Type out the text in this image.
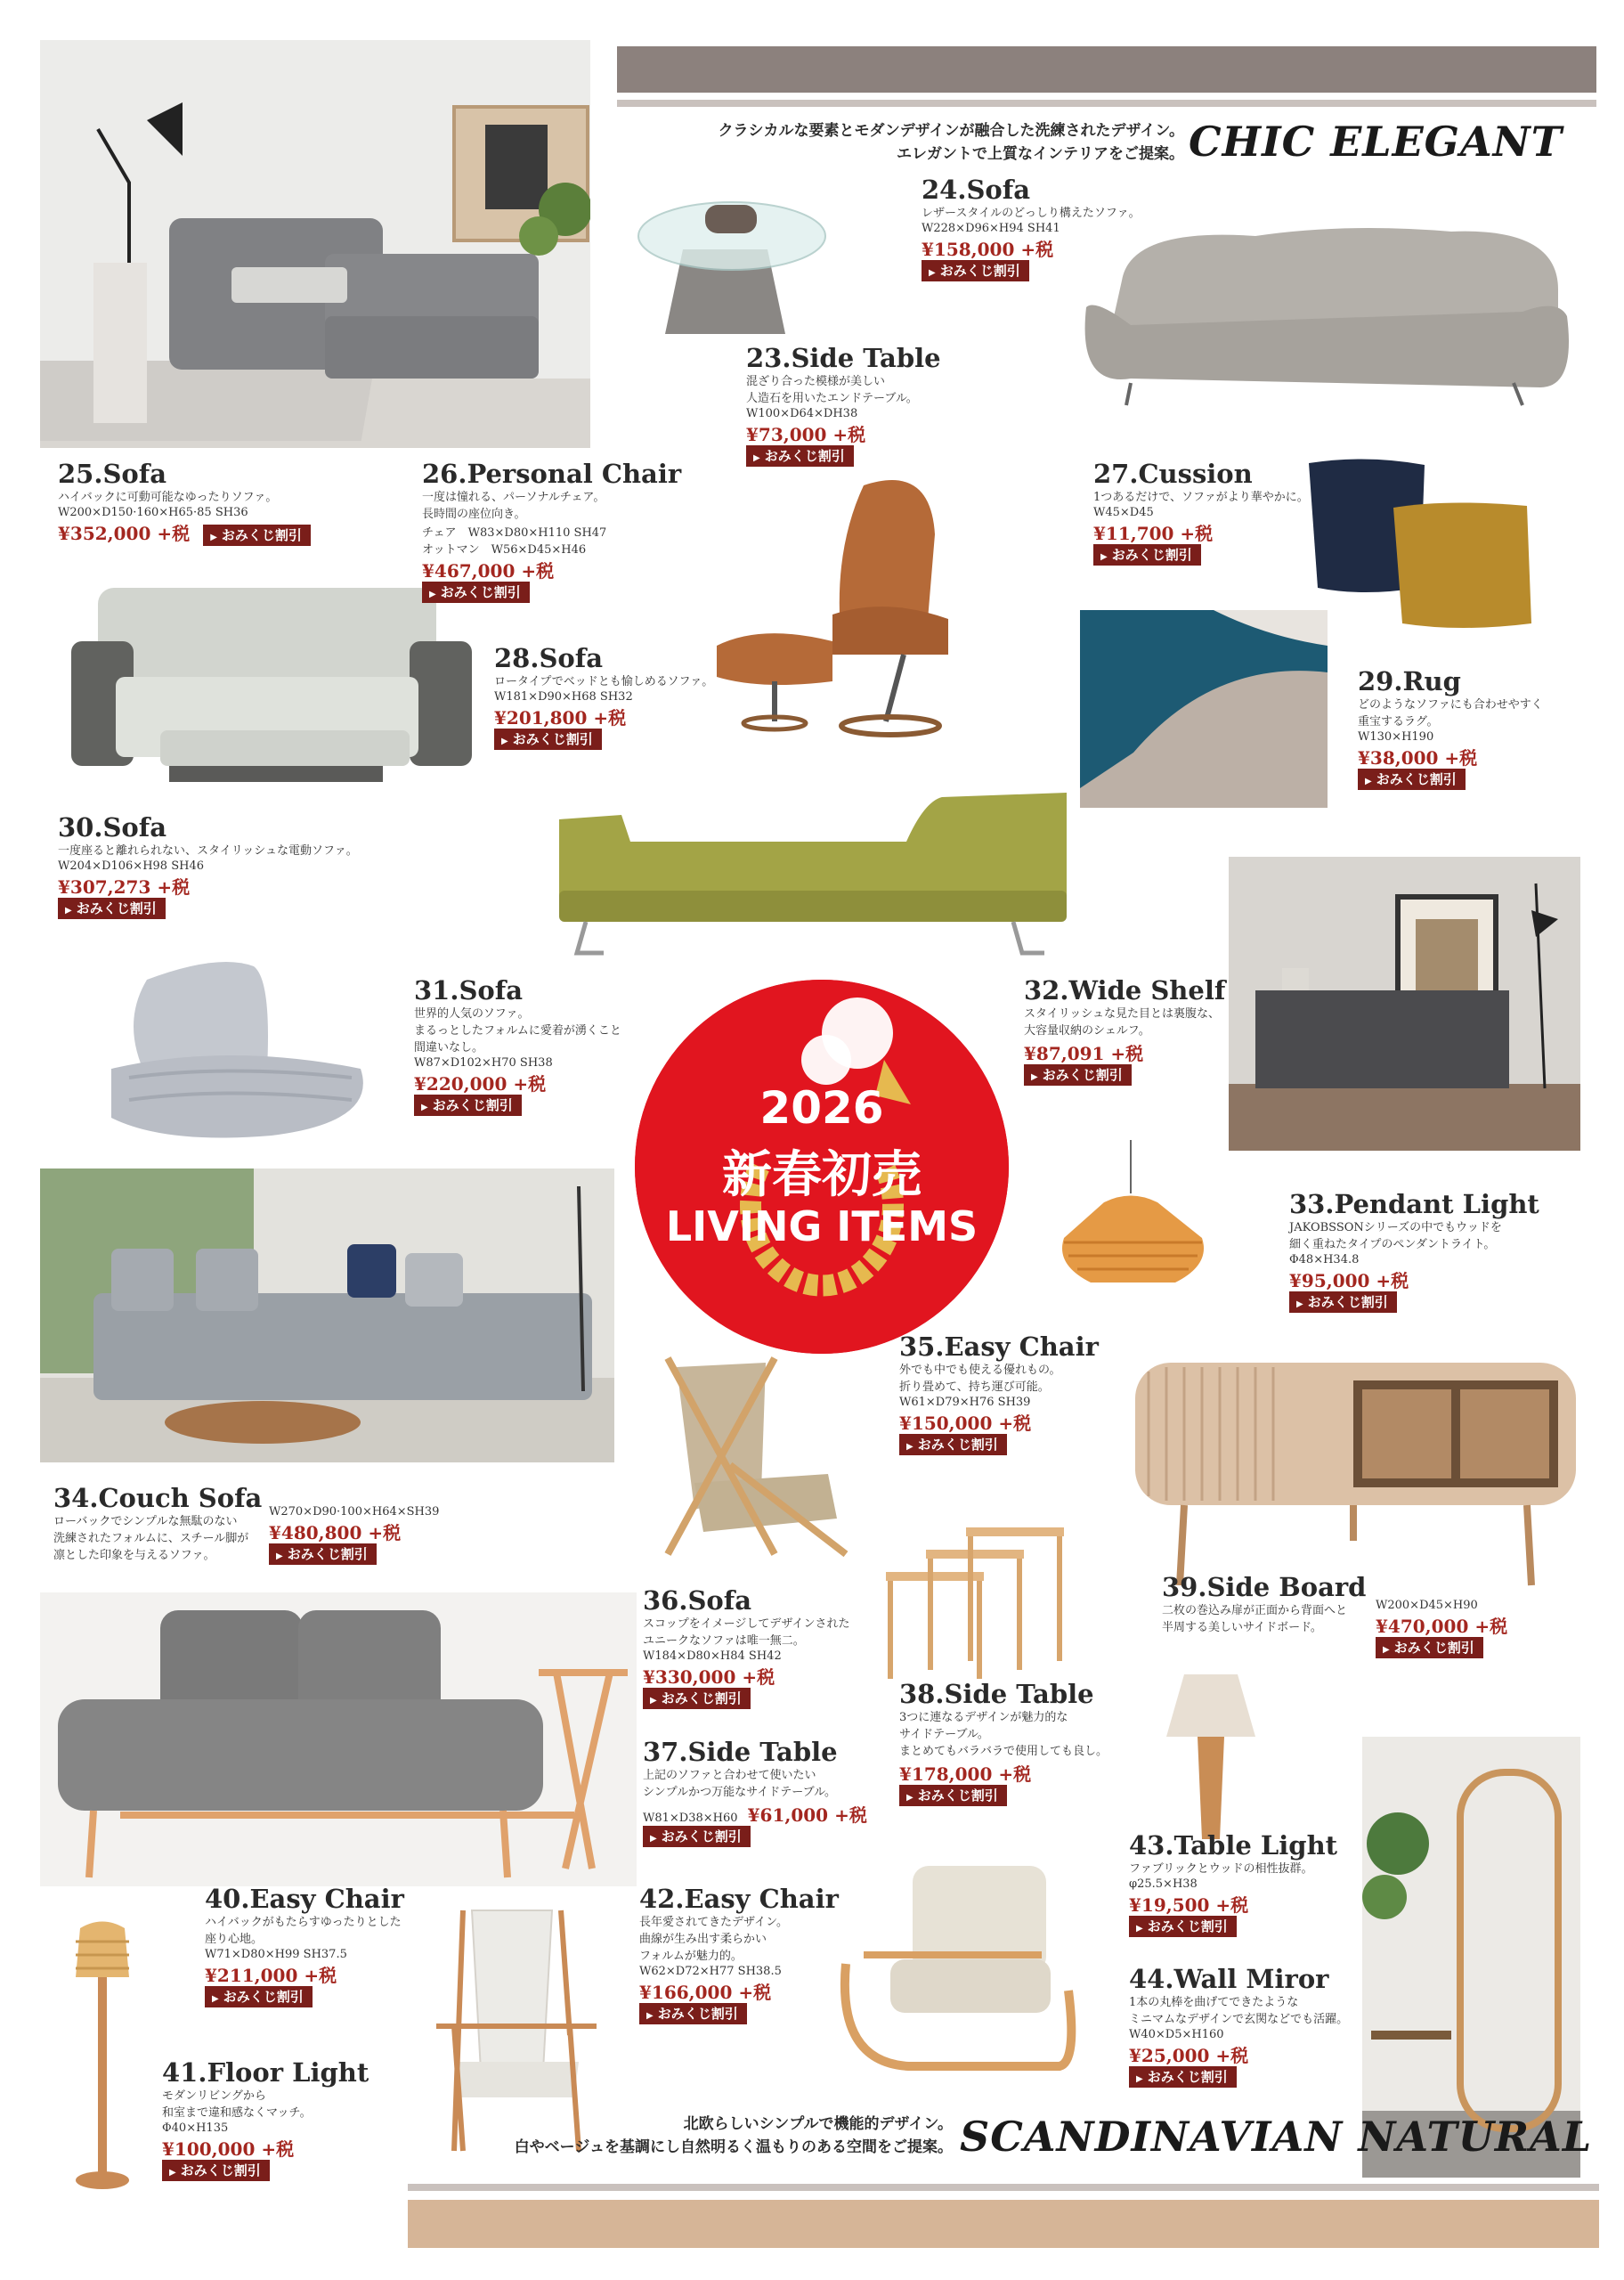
クラシカルな要素とモダンデザインが融合した洗練されたデザイン。
エレガントで上質なインテリアをご提案。 CHIC ELEGANT
2026
新春初売
LIVING ITEMS
24.Sofa
レザースタイルのどっしり構えたソファ。
W228×D96×H94 SH41
¥158,000 +税
▶ おみくじ割引
23.Side Table
混ざり合った模様が美しい
人造石を用いたエンドテーブル。
W100×D64×DH38
¥73,000 +税
▶ おみくじ割引
25.Sofa
ハイバックに可動可能なゆったりソファ。
W200×D150·160×H65·85 SH36
¥352,000 +税 ▶ おみくじ割引
26.Personal Chair
一度は憧れる、パーソナルチェア。
長時間の座位向き。
チェア　W83×D80×H110 SH47
オットマン　W56×D45×H46
¥467,000 +税
▶ おみくじ割引
27.Cussion
1つあるだけで、ソファがより華やかに。
W45×D45
¥11,700 +税
▶ おみくじ割引
28.Sofa
ロータイプでベッドとも愉しめるソファ。
W181×D90×H68 SH32
¥201,800 +税
▶ おみくじ割引
29.Rug
どのようなソファにも合わせやすく
重宝するラグ。
W130×H190
¥38,000 +税
▶ おみくじ割引
30.Sofa
一度座ると離れられない、スタイリッシュな電動ソファ。
W204×D106×H98 SH46
¥307,273 +税
▶ おみくじ割引
31.Sofa
世界的人気のソファ。
まるっとしたフォルムに愛着が湧くこと
間違いなし。
W87×D102×H70 SH38
¥220,000 +税
▶ おみくじ割引
32.Wide Shelf
スタイリッシュな見た目とは裏腹な、
大容量収納のシェルフ。
¥87,091 +税
▶ おみくじ割引
33.Pendant Light
JAKOBSSONシリーズの中でもウッドを
細く重ねたタイプのペンダントライト。
Φ48×H34.8
¥95,000 +税
▶ おみくじ割引
34.Couch Sofa
ローバックでシンプルな無駄のない
洗練されたフォルムに、スチール脚が
凛とした印象を与えるソファ。
W270×D90·100×H64×SH39
¥480,800 +税
▶ おみくじ割引
35.Easy Chair
外でも中でも使える優れもの。
折り畳めて、持ち運び可能。
W61×D79×H76 SH39
¥150,000 +税
▶ おみくじ割引
39.Side Board
二枚の巻込み扉が正面から背面へと
半周する美しいサイドボード。
W200×D45×H90
¥470,000 +税
▶ おみくじ割引
36.Sofa
スコップをイメージしてデザインされた
ユニークなソファは唯一無二。
W184×D80×H84 SH42
¥330,000 +税
▶ おみくじ割引
37.Side Table
上記のソファと合わせて使いたい
シンプルかつ万能なサイドテーブル。
W81×D38×H60 ¥61,000 +税
▶ おみくじ割引
38.Side Table
3つに連なるデザインが魅力的な
サイドテーブル。
まとめてもバラバラで使用しても良し。
¥178,000 +税
▶ おみくじ割引
43.Table Light
ファブリックとウッドの相性抜群。
φ25.5×H38
¥19,500 +税
▶ おみくじ割引
44.Wall Miror
1本の丸棒を曲げてできたような
ミニマムなデザインで玄関などでも活躍。
W40×D5×H160
¥25,000 +税
▶ おみくじ割引
40.Easy Chair
ハイバックがもたらすゆったりとした
座り心地。
W71×D80×H99 SH37.5
¥211,000 +税
▶ おみくじ割引
41.Floor Light
モダンリビングから
和室まで違和感なくマッチ。
Φ40×H135
¥100,000 +税
▶ おみくじ割引
42.Easy Chair
長年愛されてきたデザイン。
曲線が生み出す柔らかい
フォルムが魅力的。
W62×D72×H77 SH38.5
¥166,000 +税
▶ おみくじ割引
北欧らしいシンプルで機能的デザイン。
白やベージュを基調にし自然明るく温もりのある空間をご提案。 SCANDINAVIAN NATURAL
